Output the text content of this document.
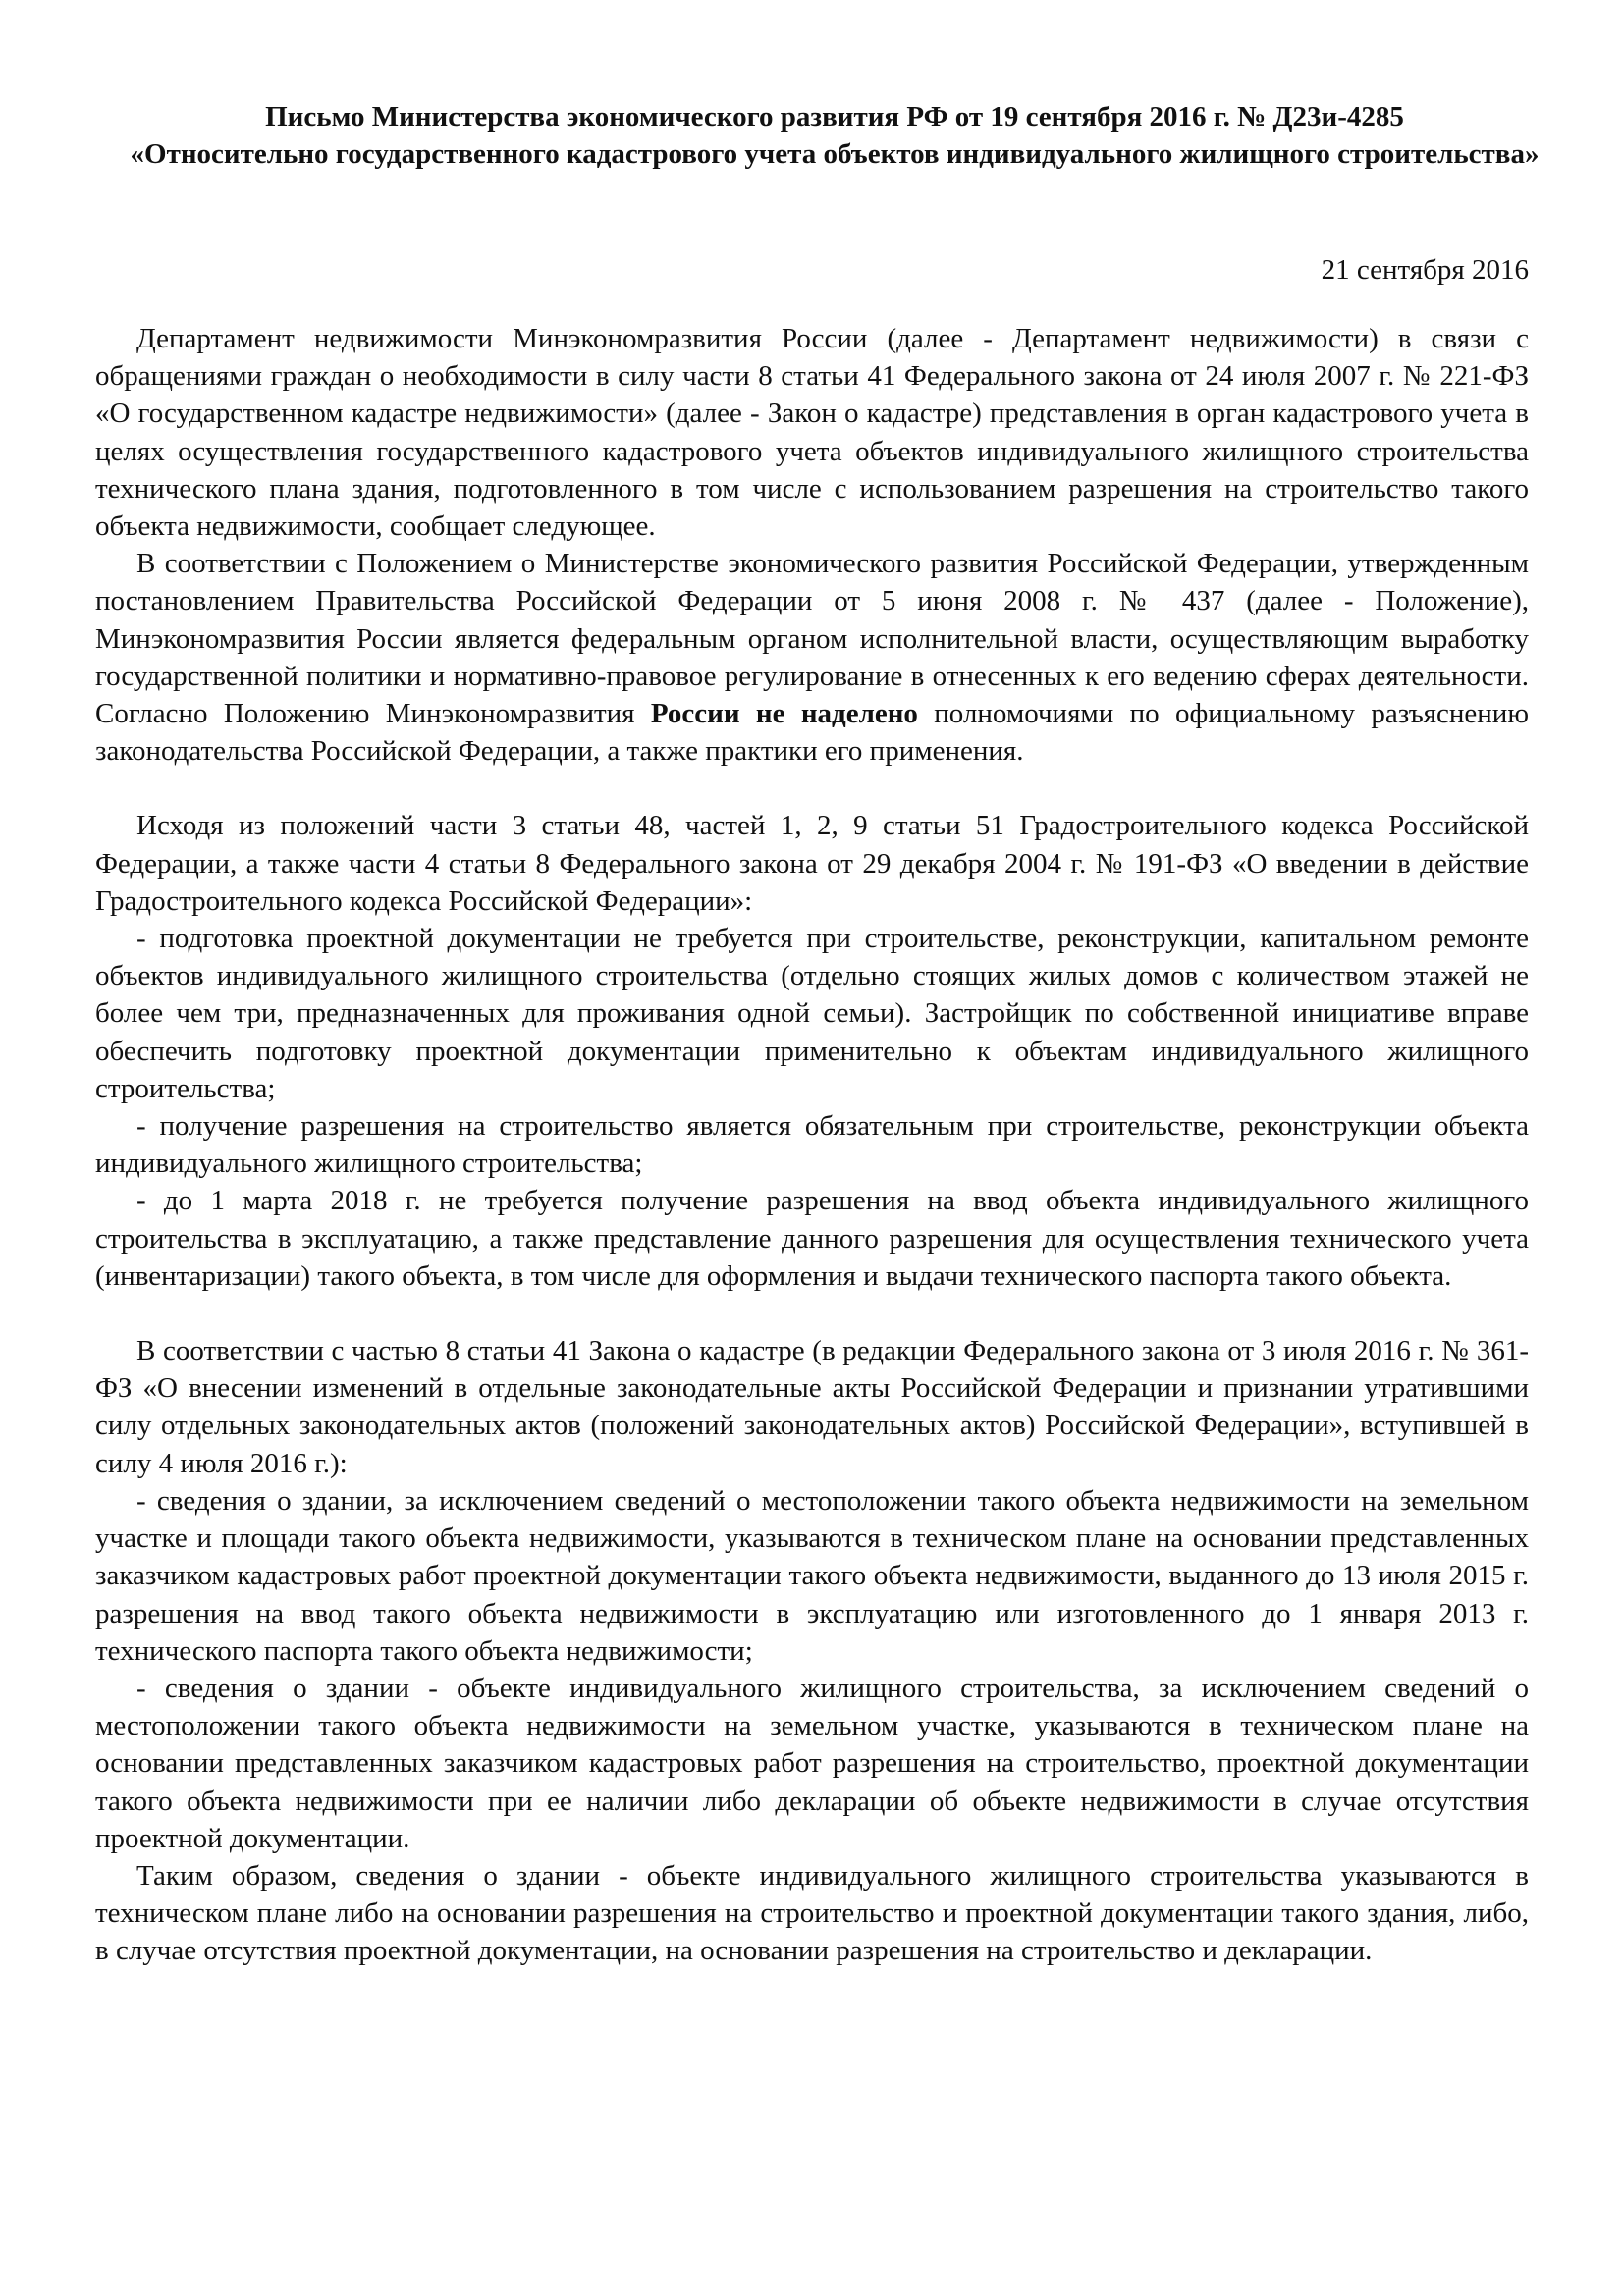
Письмо Министерства экономического развития РФ от 19 сентября 2016 г. № Д23и-4285
«Относительно государственного кадастрового учета объектов индивидуального жилищного строительства»
21 сентября 2016

Департамент недвижимости Минэкономразвития России (далее - Департамент недвижимости) в связи с обращениями граждан о необходимости в силу части 8 статьи 41 Федерального закона от 24 июля 2007 г. № 221-ФЗ «О государственном кадастре недвижимости» (далее - Закон о кадастре) представления в орган кадастрового учета в целях осуществления государственного кадастрового учета объектов индивидуального жилищного строительства технического плана здания, подготовленного в том числе с использованием разрешения на строительство такого объекта недвижимости, сообщает следующее.

В соответствии с Положением о Министерстве экономического развития Российской Федерации, утвержденным постановлением Правительства Российской Федерации от 5 июня 2008 г. № 437 (далее - Положение), Минэкономразвития России является федеральным органом исполнительной власти, осуществляющим выработку государственной политики и нормативно-правовое регулирование в отнесенных к его ведению сферах деятельности. Согласно Положению Минэкономразвития России не наделено полномочиями по официальному разъяснению законодательства Российской Федерации, а также практики его применения.

Исходя из положений части 3 статьи 48, частей 1, 2, 9 статьи 51 Градостроительного кодекса Российской Федерации, а также части 4 статьи 8 Федерального закона от 29 декабря 2004 г. № 191-ФЗ «О введении в действие Градостроительного кодекса Российской Федерации»:

- подготовка проектной документации не требуется при строительстве, реконструкции, капитальном ремонте объектов индивидуального жилищного строительства (отдельно стоящих жилых домов с количеством этажей не более чем три, предназначенных для проживания одной семьи). Застройщик по собственной инициативе вправе обеспечить подготовку проектной документации применительно к объектам индивидуального жилищного строительства;

- получение разрешения на строительство является обязательным при строительстве, реконструкции объекта индивидуального жилищного строительства;

- до 1 марта 2018 г. не требуется получение разрешения на ввод объекта индивидуального жилищного строительства в эксплуатацию, а также представление данного разрешения для осуществления технического учета (инвентаризации) такого объекта, в том числе для оформления и выдачи технического паспорта такого объекта.

В соответствии с частью 8 статьи 41 Закона о кадастре (в редакции Федерального закона от 3 июля 2016 г. № 361-ФЗ «О внесении изменений в отдельные законодательные акты Российской Федерации и признании утратившими силу отдельных законодательных актов (положений законодательных актов) Российской Федерации», вступившей в силу 4 июля 2016 г.):

- сведения о здании, за исключением сведений о местоположении такого объекта недвижимости на земельном участке и площади такого объекта недвижимости, указываются в техническом плане на основании представленных заказчиком кадастровых работ проектной документации такого объекта недвижимости, выданного до 13 июля 2015 г. разрешения на ввод такого объекта недвижимости в эксплуатацию или изготовленного до 1 января 2013 г. технического паспорта такого объекта недвижимости;

- сведения о здании - объекте индивидуального жилищного строительства, за исключением сведений о местоположении такого объекта недвижимости на земельном участке, указываются в техническом плане на основании представленных заказчиком кадастровых работ разрешения на строительство, проектной документации такого объекта недвижимости при ее наличии либо декларации об объекте недвижимости в случае отсутствия проектной документации.

Таким образом, сведения о здании - объекте индивидуального жилищного строительства указываются в техническом плане либо на основании разрешения на строительство и проектной документации такого здания, либо, в случае отсутствия проектной документации, на основании разрешения на строительство и декларации.
